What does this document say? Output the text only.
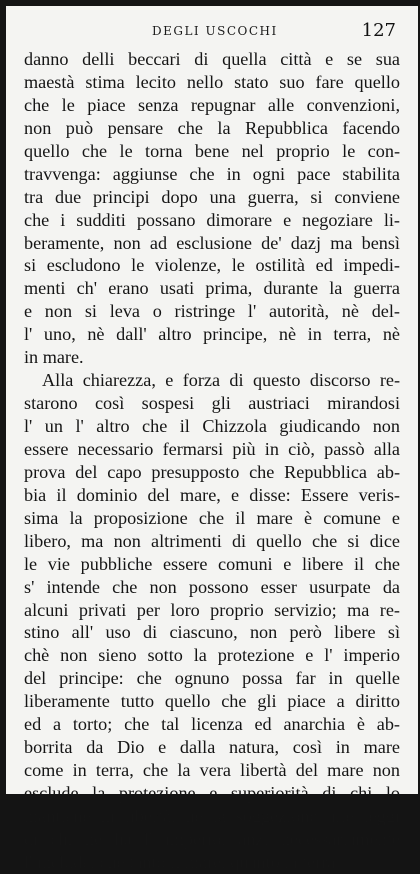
DEGLI USCOCHI	127
danno delli beccari di quella città e se sua
maestà stima lecito nello stato suo fare quello
che le piace senza repugnar alle convenzioni,
non può pensare che la Repubblica facendo
quello che le torna bene nel proprio le con-
travvenga: aggiunse che in ogni pace stabilita
tra due principi dopo una guerra, si conviene
che i sudditi possano dimorare e negoziare li-
beramente, non ad esclusione de' dazj ma bensì
si escludono le violenze, le ostilità ed impedi-
menti ch' erano usati prima, durante la guerra
e non si leva o ristringe l' autorità, nè del-
l' uno, nè dall' altro principe, nè in terra, nè
in mare.
Alla chiarezza, e forza di questo discorso re-
starono così sospesi gli austriaci mirandosi
l' un l' altro che il Chizzola giudicando non
essere necessario fermarsi più in ciò, passò alla
prova del capo presupposto che Repubblica ab-
bia il dominio del mare, e disse: Essere veris-
sima la proposizione che il mare è comune e
libero, ma non altrimenti di quello che si dice
le vie pubbliche essere comuni e libere il che
s' intende che non possono esser usurpate da
alcuni privati per loro proprio servizio; ma re-
stino all' uso di ciascuno, non però libere sì
chè non sieno sotto la protezione e l' imperio
del principe: che ognuno possa far in quelle
liberamente tutto quello che gli piace a diritto
ed a torto; che tal licenza ed anarchia è ab-
borrita da Dio e dalla natura, così in mare
come in terra, che la vera libertà del mare non
esclude la protezione e superiorità di chi lo
mantiene in libertà, nè la soggezione alle leggi
di chi ne ha l' imperio, anzi necessariamente
l' include, che tanto il mare, quanto la terra
